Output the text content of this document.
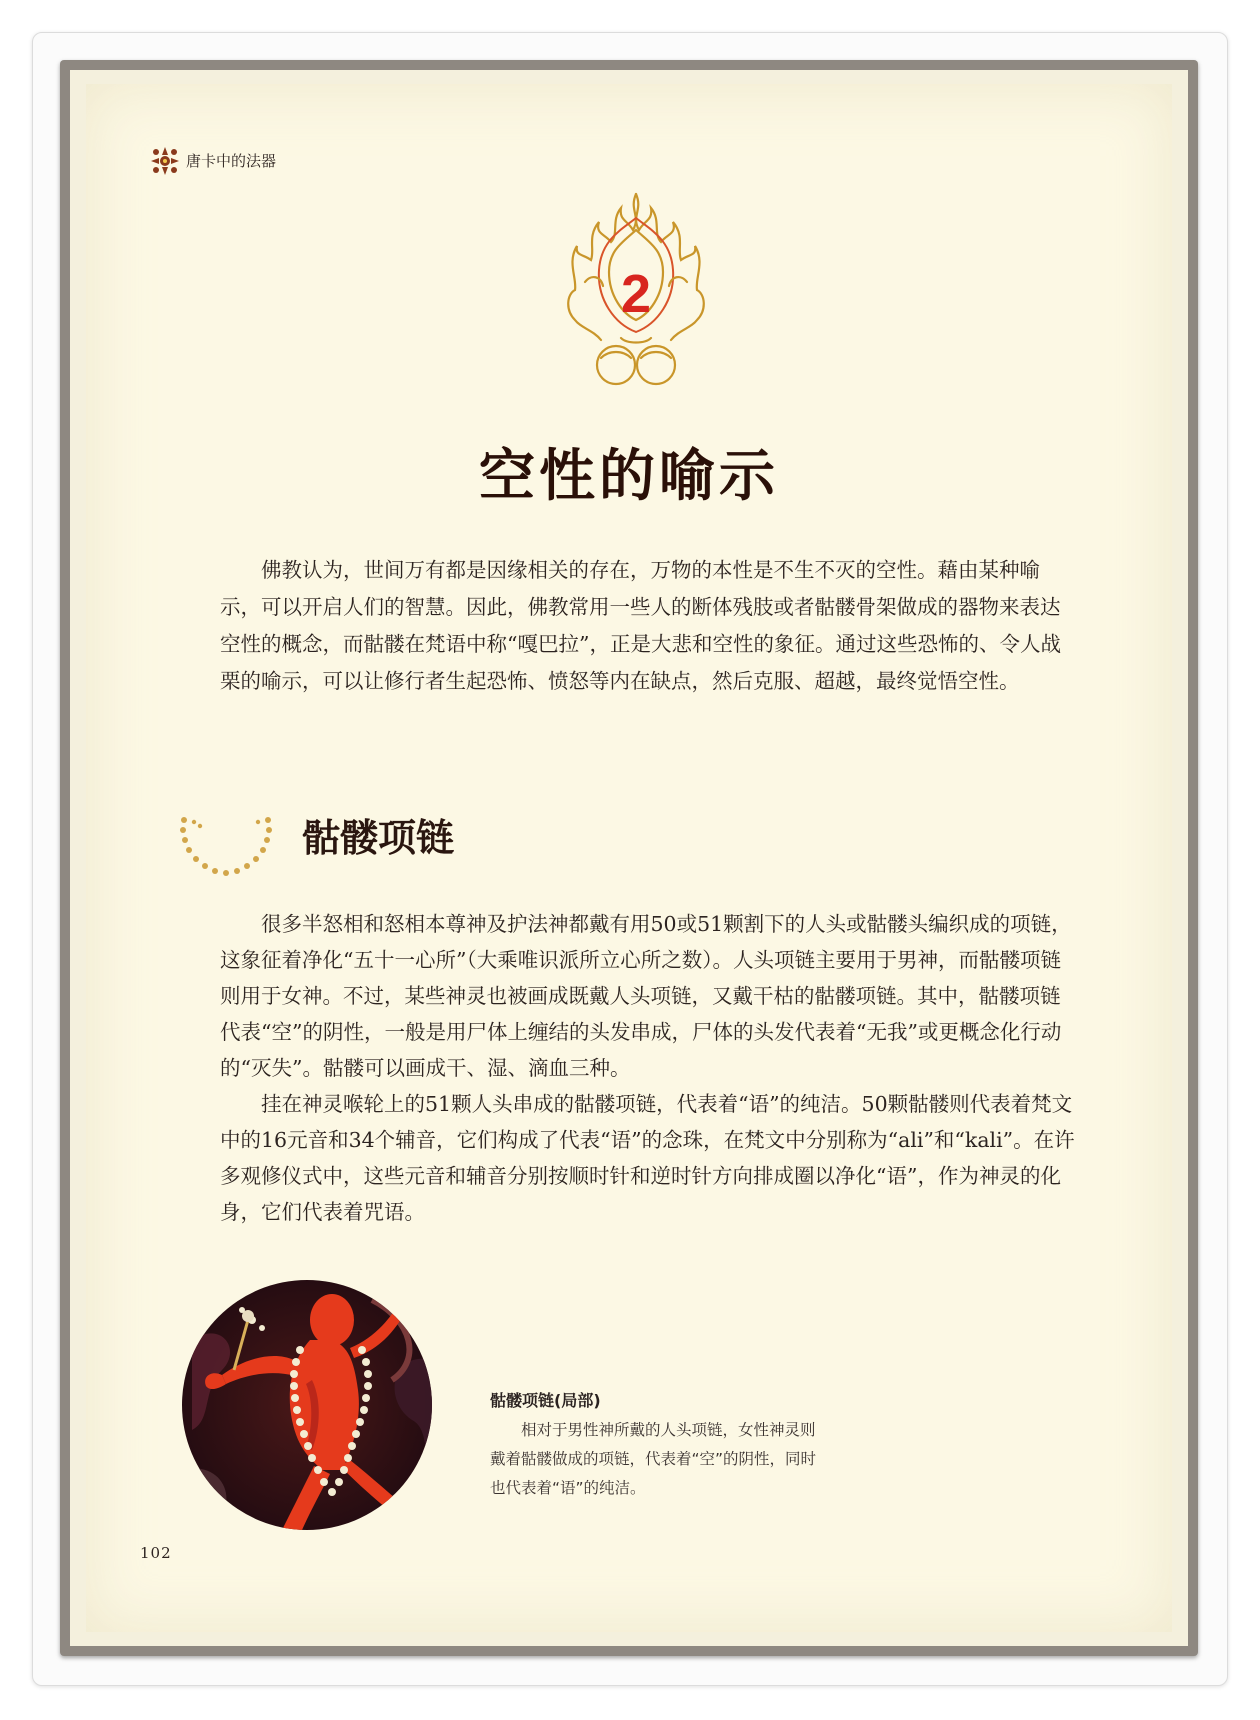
唐卡中的法器
2
空性的喻示

佛教认为，世间万有都是因缘相关的存在，万物的本性是不生不灭的空性。藉由某种喻示，可以开启人们的智慧。因此，佛教常用一些人的断体残肢或者骷髅骨架做成的器物来表达空性的概念，而骷髅在梵语中称“嘎巴拉”，正是大悲和空性的象征。通过这些恐怖的、令人战栗的喻示，可以让修行者生起恐怖、愤怒等内在缺点，然后克服、超越，最终觉悟空性。

骷髅项链

很多半怒相和怒相本尊神及护法神都戴有用50或51颗割下的人头或骷髅头编织成的项链，这象征着净化“五十一心所”（大乘唯识派所立心所之数）。人头项链主要用于男神，而骷髅项链则用于女神。不过，某些神灵也被画成既戴人头项链，又戴干枯的骷髅项链。其中，骷髅项链代表“空”的阴性，一般是用尸体上缠结的头发串成，尸体的头发代表着“无我”或更概念化行动的“灭失”。骷髅可以画成干、湿、滴血三种。

挂在神灵喉轮上的51颗人头串成的骷髅项链，代表着“语”的纯洁。50颗骷髅则代表着梵文中的16元音和34个辅音，它们构成了代表“语”的念珠，在梵文中分别称为“ali”和“kali”。在许多观修仪式中，这些元音和辅音分别按顺时针和逆时针方向排成圈以净化“语”，作为神灵的化身，它们代表着咒语。

骷髅项链(局部)

相对于男性神所戴的人头项链，女性神灵则戴着骷髅做成的项链，代表着“空”的阴性，同时也代表着“语”的纯洁。

102
